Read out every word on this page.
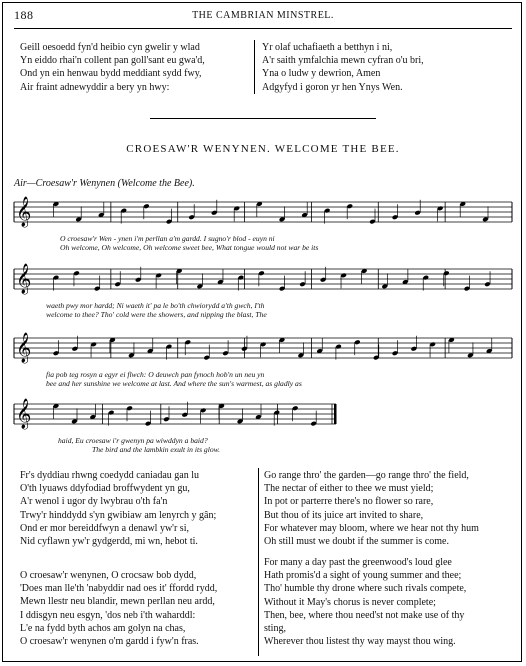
188	THE CAMBRIAN MINSTREL.
Geill oesoedd fyn'd heibio cyn gwelir y wlad
Yn eiddo rhai'n collent pan goll'sant eu gwa'd,
Ond yn ein henwau bydd meddiant sydd fwy,
Air fraint adnewyddir a bery yn hwy:
Yr olaf uchafiaeth a betthyn i ni,
A'r saith ymfalchia mewn cyfran o'u bri,
Yna o ludw y dewrion, Amen
Adgyfyd i goron yr hen Ynys Wen.
CROESAW'R WENYNEN. WELCOME THE BEE.
Air—Croesaw'r Wenynen (Welcome the Bee).
𝄞
O croesaw'r Wen - ynen i'm perllan a'm gardd. I sugno'r blod - euyn ni
Oh welcome, Oh welcome, Oh welcome sweet bee, What tongue would not war be its
𝄞
waeth pwy mor hardd; Ni waeth it' pa le bo'th chwiorydd a'th gwch, I'th
welcome to thee? Tho' cold were the showers, and nipping the blast, The
𝄞
fia pob teg rosyn a egyr ei flwch: O deuwch pan fynoch hob'n un neu yn
bee and her sunshine we welcome at last. And where the sun's warmest, as gladly as
𝄞
haid, Eu croesaw i'r gwenyn pa wiwddyn a baid?
The bird and the lambkin exult in its glow.
Fr's dyddiau rhwng coedydd caniadau gan lu
O'th lyuaws ddyfodiad broffwydent yn gu,
A'r wenol i ugor dy lwybrau o'th fa'n
Trwy'r hinddydd s'yn gwibiaw am lenyrch y gân;
Ond er mor bereiddfwyn a denawl yw'r si,
Nid cyflawn yw'r gydgerdd, mi wn, hebot ti.
O croesaw'r wenynen, O crocsaw bob dydd,
'Does man lle'th 'nabyddir nad oes it' ffordd rydd,
Mewn llestr neu blandir, mewn perllan neu ardd,
I ddisgyn neu esgyn, 'dos neb i'th waharddl:
L'e na fydd byth achos am golyn na chas,
O croesaw'r wenynen o'm gardd i fyw'n fras.
Go range thro' the garden—go range thro' the field,
The nectar of either to thee we must yield;
In pot or parterre there's no flower so rare,
But thou of its juice art invited to share,
For whatever may bloom, where we hear not thy hum
Oh still must we doubt if the summer is come.
For many a day past the greenwood's loud glee
Hath promis'd a sight of young summer and thee;
Tho' humble thy drone where such rivals compete,
Without it May's chorus is never complete;
Then, bee, where thou need'st not make use of thy
sting,
Wherever thou listest thy way mayst thou wing.
